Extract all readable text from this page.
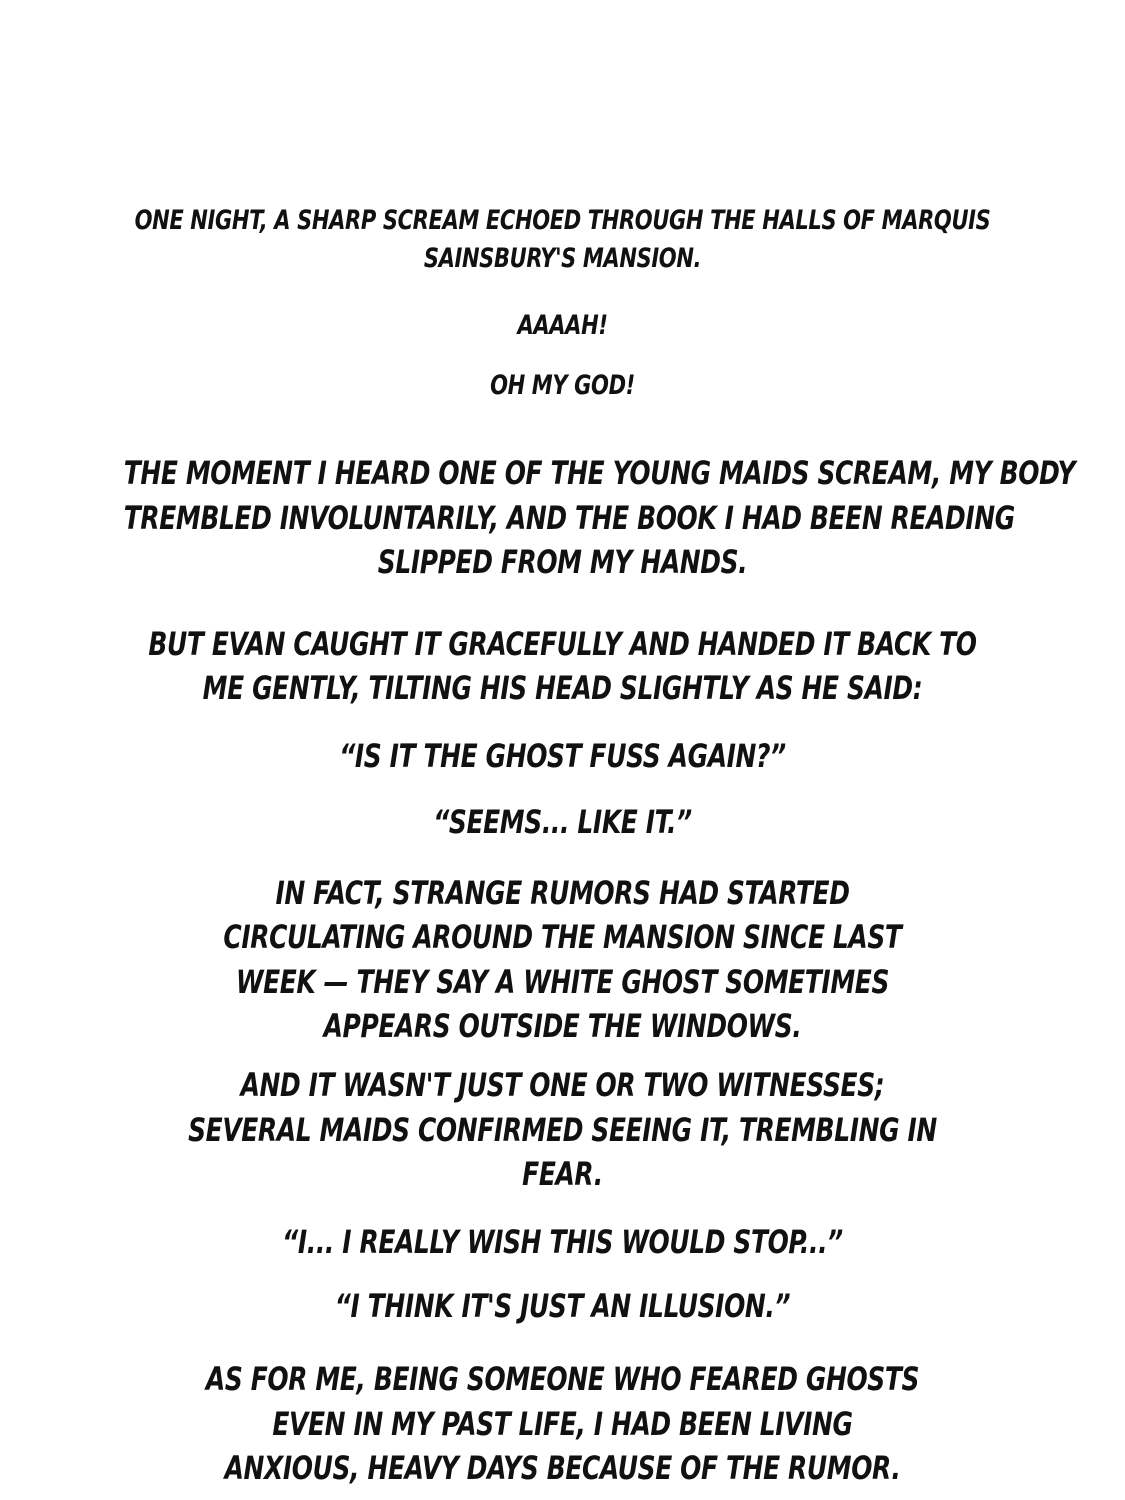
ONE NIGHT, A SHARP SCREAM ECHOED THROUGH THE HALLS OF MARQUIS
SAINSBURY'S MANSION.
AAAAH!
OH MY GOD!
THE MOMENT I HEARD ONE OF THE YOUNG MAIDS SCREAM, MY BODY
TREMBLED INVOLUNTARILY, AND THE BOOK I HAD BEEN READING
SLIPPED FROM MY HANDS.
BUT EVAN CAUGHT IT GRACEFULLY AND HANDED IT BACK TO
ME GENTLY, TILTING HIS HEAD SLIGHTLY AS HE SAID:
“IS IT THE GHOST FUSS AGAIN?”
“SEEMS... LIKE IT.”
IN FACT, STRANGE RUMORS HAD STARTED
CIRCULATING AROUND THE MANSION SINCE LAST
WEEK — THEY SAY A WHITE GHOST SOMETIMES
APPEARS OUTSIDE THE WINDOWS.
AND IT WASN'T JUST ONE OR TWO WITNESSES;
SEVERAL MAIDS CONFIRMED SEEING IT, TREMBLING IN
FEAR.
“I... I REALLY WISH THIS WOULD STOP...”
“I THINK IT'S JUST AN ILLUSION.”
AS FOR ME, BEING SOMEONE WHO FEARED GHOSTS
EVEN IN MY PAST LIFE, I HAD BEEN LIVING
ANXIOUS, HEAVY DAYS BECAUSE OF THE RUMOR.
